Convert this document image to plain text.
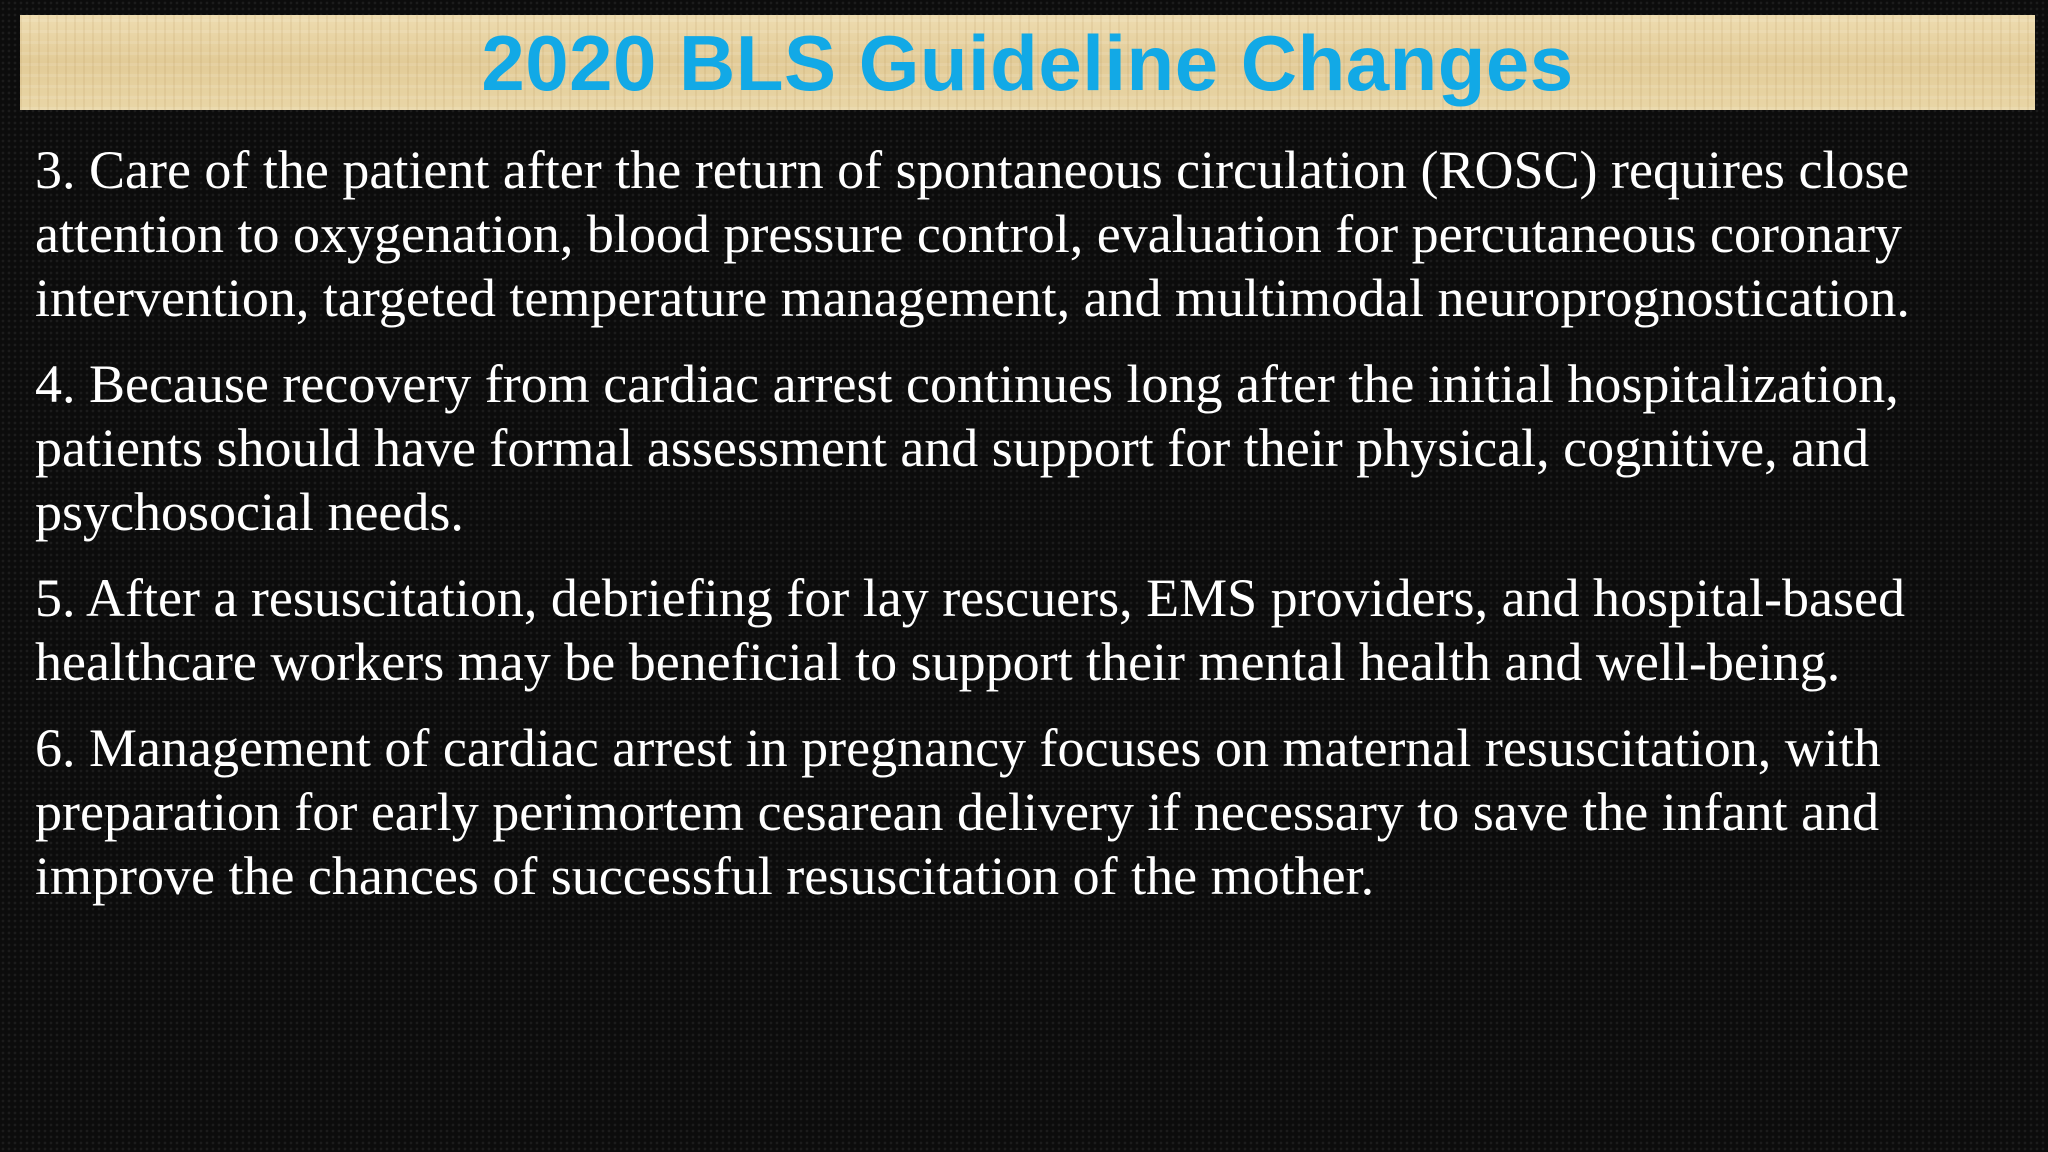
2020 BLS Guideline Changes

3. Care of the patient after the return of spontaneous circulation (ROSC) requires close attention to oxygenation, blood pressure control, evaluation for percutaneous coronary intervention, targeted temperature management, and multimodal neuroprognostication.

4. Because recovery from cardiac arrest continues long after the initial hospitalization, patients should have formal assessment and support for their physical, cognitive, and psychosocial needs.

5. After a resuscitation, debriefing for lay rescuers, EMS providers, and hospital-based healthcare workers may be beneficial to support their mental health and well-being.

6. Management of cardiac arrest in pregnancy focuses on maternal resuscitation, with preparation for early perimortem cesarean delivery if necessary to save the infant and improve the chances of successful resuscitation of the mother.
